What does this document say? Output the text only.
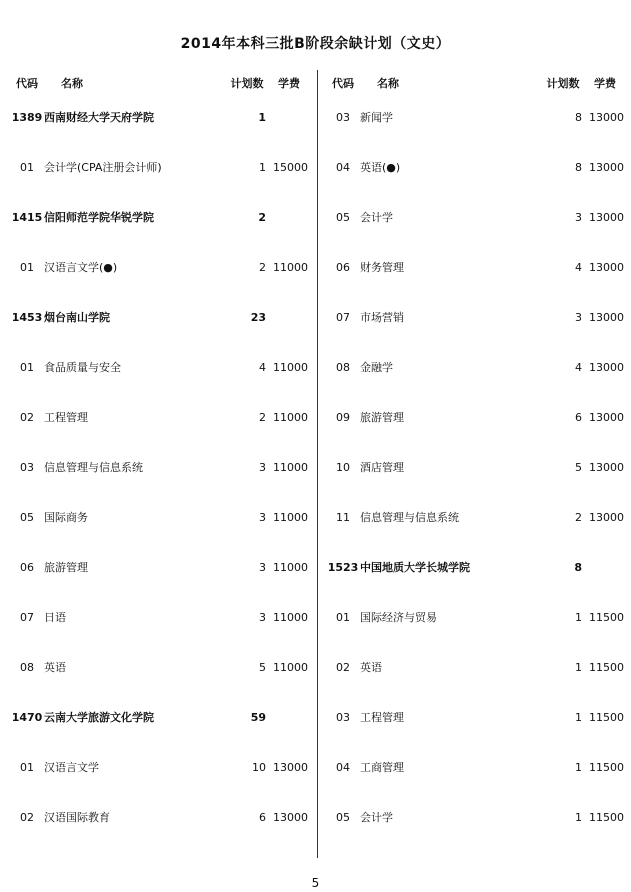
2014年本科三批B阶段余缺计划（文史）
代码	名称	计划数	学费
1389 西南财经大学天府学院	1
01 会计学(CPA注册会计师)	1 15000
1415 信阳师范学院华锐学院	2
01 汉语言文学(●)	2 11000
1453 烟台南山学院	23
01 食品质量与安全	4 11000
02 工程管理	2 11000
03 信息管理与信息系统	3 11000
05 国际商务	3 11000
06 旅游管理	3 11000
07 日语	3 11000
08 英语	5 11000
1470 云南大学旅游文化学院	59
01 汉语言文学	10 13000
02 汉语国际教育	6 13000
代码	名称	计划数	学费
03 新闻学	8 13000
04 英语(●)	8 13000
05 会计学	3 13000
06 财务管理	4 13000
07 市场营销	3 13000
08 金融学	4 13000
09 旅游管理	6 13000
10 酒店管理	5 13000
11 信息管理与信息系统	2 13000
1523 中国地质大学长城学院	8
01 国际经济与贸易	1 11500
02 英语	1 11500
03 工程管理	1 11500
04 工商管理	1 11500
05 会计学	1 11500
5
